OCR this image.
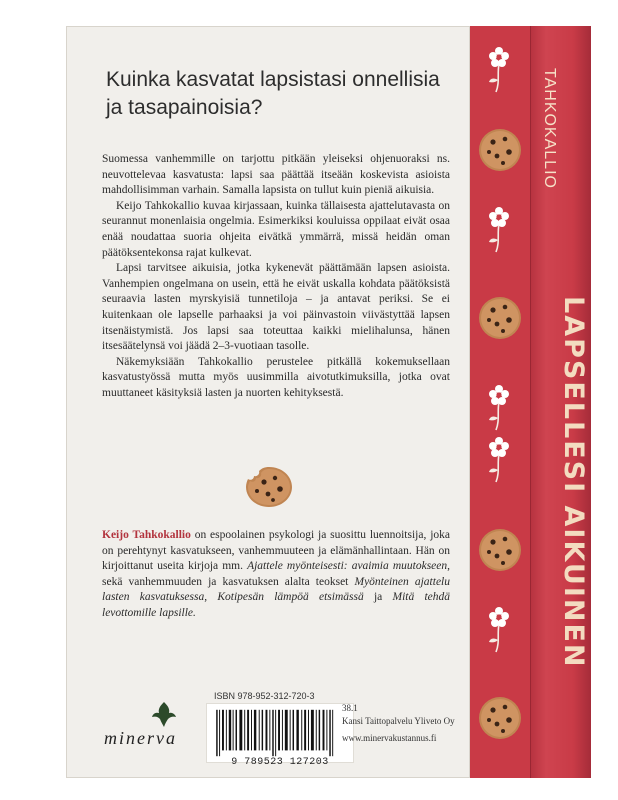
Kuinka kasvatat lapsistasi onnellisia ja tasapainoisia?

Suomessa vanhemmille on tarjottu pitkään yleiseksi ohjenuoraksi ns. neuvottelevaa kasvatusta: lapsi saa päättää itseään koskevista asioista mahdollisimman varhain. Samalla lapsista on tullut kuin pieniä aikuisia.

Keijo Tahkokallio kuvaa kirjassaan, kuinka tällaisesta ajattelutavasta on seurannut monenlaisia ongelmia. Esimerkiksi kouluissa oppilaat eivät osaa enää noudattaa suoria ohjeita eivätkä ymmärrä, missä heidän oman päätöksentekonsa rajat kulkevat.

Lapsi tarvitsee aikuisia, jotka kykenevät päättämään lapsen asioista. Vanhempien ongelmana on usein, että he eivät uskalla kohdata päätöksistä seuraavia lasten myrskyisiä tunnetiloja – ja antavat periksi. Se ei kuitenkaan ole lapselle parhaaksi ja voi päinvastoin viivästyttää lapsen itsenäistymistä. Jos lapsi saa toteuttaa kaikki mielihalunsa, hänen itsesäätelynsä voi jäädä 2–3-vuotiaan tasolle.

Näkemyksiään Tahkokallio perustelee pitkällä kokemuksellaan kasvatustyössä mutta myös uusimmilla aivotutkimuksilla, jotka ovat muuttaneet käsityksiä lasten ja nuorten kehityksestä.

Keijo Tahkokallio on espoolainen psykologi ja suosittu luennoitsija, joka on perehtynyt kasvatukseen, vanhemmuuteen ja elämänhallintaan. Hän on kirjoittanut useita kirjoja mm. Ajattele myönteisesti: avaimia muutokseen, sekä vanhemmuuden ja kasvatuksen alalta teokset Myönteinen ajattelu lasten kasvatuksessa, Kotipesän lämpöä etsimässä ja Mitä tehdä levottomille lapsille.

minerva
ISBN 978-952-312-720-3
9 789523 127203
38.1
Kansi Taittopalvelu Yliveto Oy
www.minervakustannus.fi
TAHKOKALLIO
LAPSELLESI AIKUINEN
